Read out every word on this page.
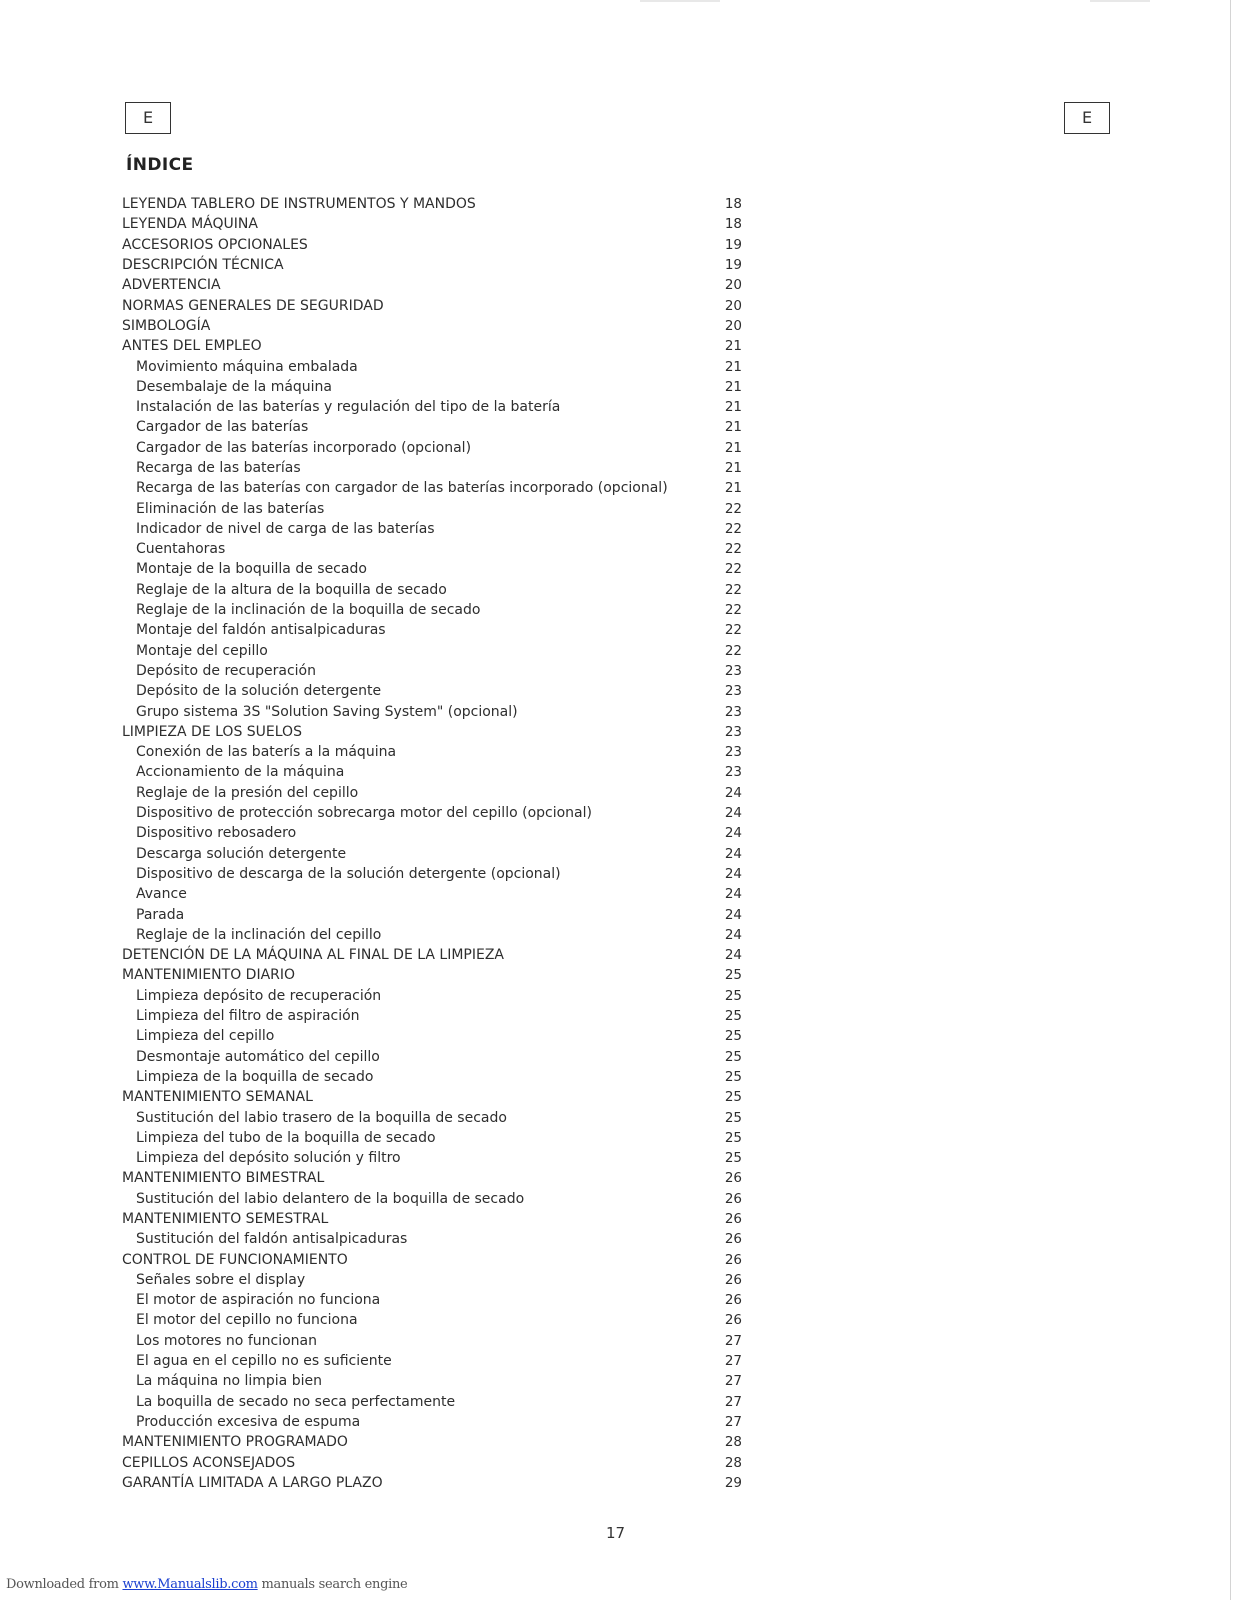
E	E
ÍNDICE
LEYENDA TABLERO DE INSTRUMENTOS Y MANDOS	18
LEYENDA MÁQUINA	18
ACCESORIOS OPCIONALES	19
DESCRIPCIÓN TÉCNICA	19
ADVERTENCIA	20
NORMAS GENERALES DE SEGURIDAD	20
SIMBOLOGÍA	20
ANTES DEL EMPLEO	21
Movimiento máquina embalada	21
Desembalaje de la máquina	21
Instalación de las baterías y regulación del tipo de la batería	21
Cargador de las baterías	21
Cargador de las baterías incorporado (opcional)	21
Recarga de las baterías	21
Recarga de las baterías con cargador de las baterías incorporado (opcional)	21
Eliminación de las baterías	22
Indicador de nivel de carga de las baterías	22
Cuentahoras	22
Montaje de la boquilla de secado	22
Reglaje de la altura de la boquilla de secado	22
Reglaje de la inclinación de la boquilla de secado	22
Montaje del faldón antisalpicaduras	22
Montaje del cepillo	22
Depósito de recuperación	23
Depósito de la solución detergente	23
Grupo sistema 3S "Solution Saving System" (opcional)	23
LIMPIEZA DE LOS SUELOS	23
Conexión de las baterís a la máquina	23
Accionamiento de la máquina	23
Reglaje de la presión del cepillo	24
Dispositivo de protección sobrecarga motor del cepillo (opcional)	24
Dispositivo rebosadero	24
Descarga solución detergente	24
Dispositivo de descarga de la solución detergente (opcional)	24
Avance	24
Parada	24
Reglaje de la inclinación del cepillo	24
DETENCIÓN DE LA MÁQUINA AL FINAL DE LA LIMPIEZA	24
MANTENIMIENTO DIARIO	25
Limpieza depósito de recuperación	25
Limpieza del filtro de aspiración	25
Limpieza del cepillo	25
Desmontaje automático del cepillo	25
Limpieza de la boquilla de secado	25
MANTENIMIENTO SEMANAL	25
Sustitución del labio trasero de la boquilla de secado	25
Limpieza del tubo de la boquilla de secado	25
Limpieza del depósito solución y filtro	25
MANTENIMIENTO BIMESTRAL	26
Sustitución del labio delantero de la boquilla de secado	26
MANTENIMIENTO SEMESTRAL	26
Sustitución del faldón antisalpicaduras	26
CONTROL DE FUNCIONAMIENTO	26
Señales sobre el display	26
El motor de aspiración no funciona	26
El motor del cepillo no funciona	26
Los motores no funcionan	27
El agua en el cepillo no es suficiente	27
La máquina no limpia bien	27
La boquilla de secado no seca perfectamente	27
Producción excesiva de espuma	27
MANTENIMIENTO PROGRAMADO	28
CEPILLOS ACONSEJADOS	28
GARANTÍA LIMITADA A LARGO PLAZO	29
17
Downloaded from www.Manualslib.com manuals search engine
